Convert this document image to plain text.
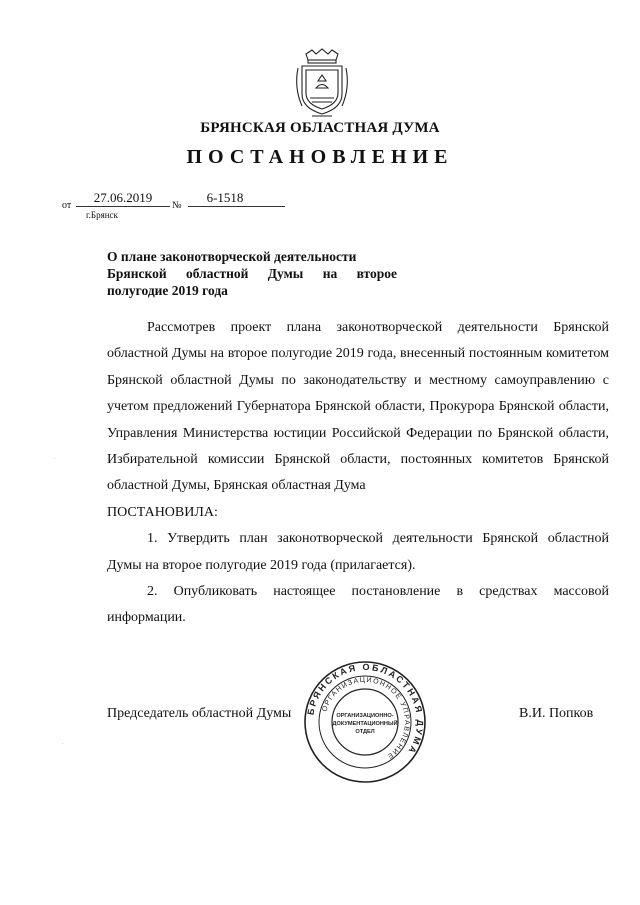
БРЯНСКАЯ ОБЛАСТНАЯ ДУМА
ПОСТАНОВЛЕНИЕ
от
27.06.2019
№
6-1518
г.Брянск
О плане законотворческой деятельности
Брянской областной Думы на второе
полугодие 2019 года

Рассмотрев проект плана законотворческой деятельности Брянской областной Думы на второе полугодие 2019 года, внесенный постоянным комитетом Брянской областной Думы по законодательству и местному самоуправлению с учетом предложений Губернатора Брянской области, Прокурора Брянской области, Управления Министерства юстиции Российской Федерации по Брянской области, Избирательной комиссии Брянской области, постоянных комитетов Брянской областной Думы, Брянская областная Дума

ПОСТАНОВИЛА:

1. Утвердить план законотворческой деятельности Брянской областной Думы на второе полугодие 2019 года (прилагается).

2. Опубликовать настоящее постановление в средствах массовой информации.

Председатель областной Думы	В.И. Попков
БРЯНСКАЯ ОБЛАСТНАЯ ДУМА
ОРГАНИЗАЦИОННОЕ УПРАВЛЕНИЕ
ОРГАНИЗАЦИОННО-
ДОКУМЕНТАЦИОННЫЙ
ОТДЕЛ
.
.
